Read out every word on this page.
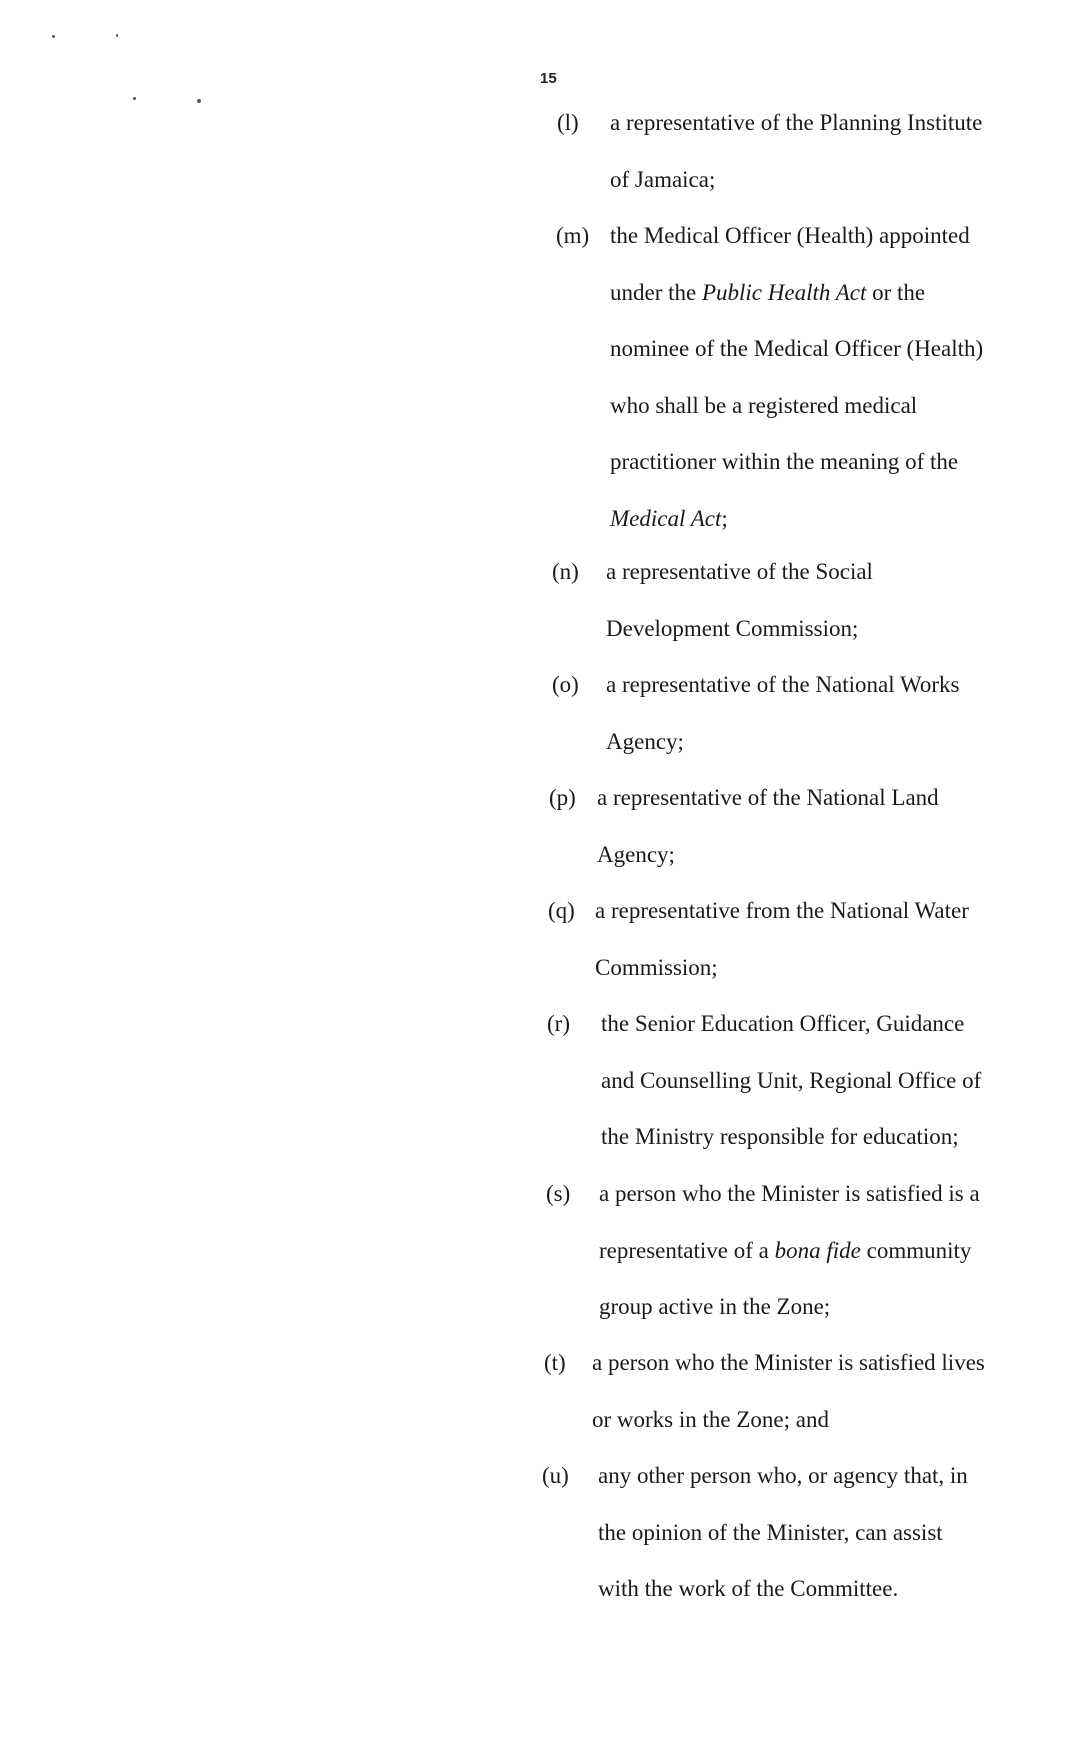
15
(l) a representative of the Planning Institute
of Jamaica;
(m) the Medical Officer (Health) appointed
under the Public Health Act or the
nominee of the Medical Officer (Health)
who shall be a registered medical
practitioner within the meaning of the
Medical Act;
(n) a representative of the Social
Development Commission;
(o) a representative of the National Works
Agency;
(p) a representative of the National Land
Agency;
(q) a representative from the National Water
Commission;
(r) the Senior Education Officer, Guidance
and Counselling Unit, Regional Office of
the Ministry responsible for education;
(s) a person who the Minister is satisfied is a
representative of a bona fide community
group active in the Zone;
(t) a person who the Minister is satisfied lives
or works in the Zone; and
(u) any other person who, or agency that, in
the opinion of the Minister, can assist
with the work of the Committee.
